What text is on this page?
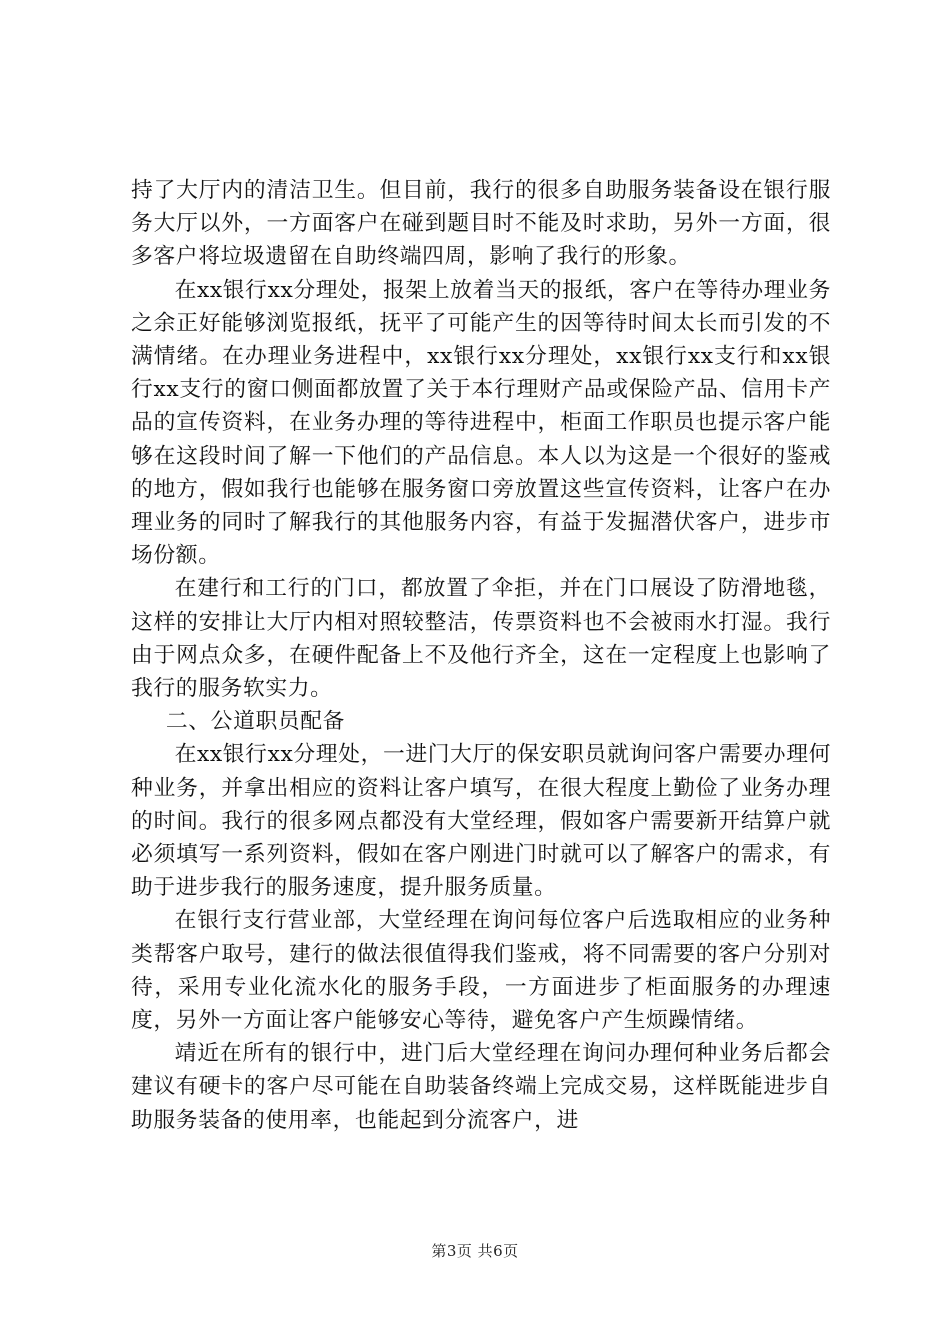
持了大厅内的清洁卫生。但目前，我行的很多自助服务装备设在银行服务大厅以外，一方面客户在碰到题目时不能及时求助，另外一方面，很多客户将垃圾遗留在自助终端四周，影响了我行的形象。

在xx银行xx分理处，报架上放着当天的报纸，客户在等待办理业务之余正好能够浏览报纸，抚平了可能产生的因等待时间太长而引发的不满情绪。在办理业务进程中，xx银行xx分理处，xx银行xx支行和xx银行xx支行的窗口侧面都放置了关于本行理财产品或保险产品、信用卡产品的宣传资料，在业务办理的等待进程中，柜面工作职员也提示客户能够在这段时间了解一下他们的产品信息。本人以为这是一个很好的鉴戒的地方，假如我行也能够在服务窗口旁放置这些宣传资料，让客户在办理业务的同时了解我行的其他服务内容，有益于发掘潜伏客户，进步市场份额。

在建行和工行的门口，都放置了伞拒，并在门口展设了防滑地毯，这样的安排让大厅内相对照较整洁，传票资料也不会被雨水打湿。我行由于网点众多，在硬件配备上不及他行齐全，这在一定程度上也影响了我行的服务软实力。

二、公道职员配备

在xx银行xx分理处，一进门大厅的保安职员就询问客户需要办理何种业务，并拿出相应的资料让客户填写，在很大程度上勤俭了业务办理的时间。我行的很多网点都没有大堂经理，假如客户需要新开结算户就必须填写一系列资料，假如在客户刚进门时就可以了解客户的需求，有助于进步我行的服务速度，提升服务质量。

在银行支行营业部，大堂经理在询问每位客户后选取相应的业务种类帮客户取号，建行的做法很值得我们鉴戒，将不同需要的客户分别对待，采用专业化流水化的服务手段，一方面进步了柜面服务的办理速度，另外一方面让客户能够安心等待，避免客户产生烦躁情绪。

靖近在所有的银行中，进门后大堂经理在询问办理何种业务后都会建议有硬卡的客户尽可能在自助装备终端上完成交易，这样既能进步自助服务装备的使用率，也能起到分流客户，进

第3页 共6页
